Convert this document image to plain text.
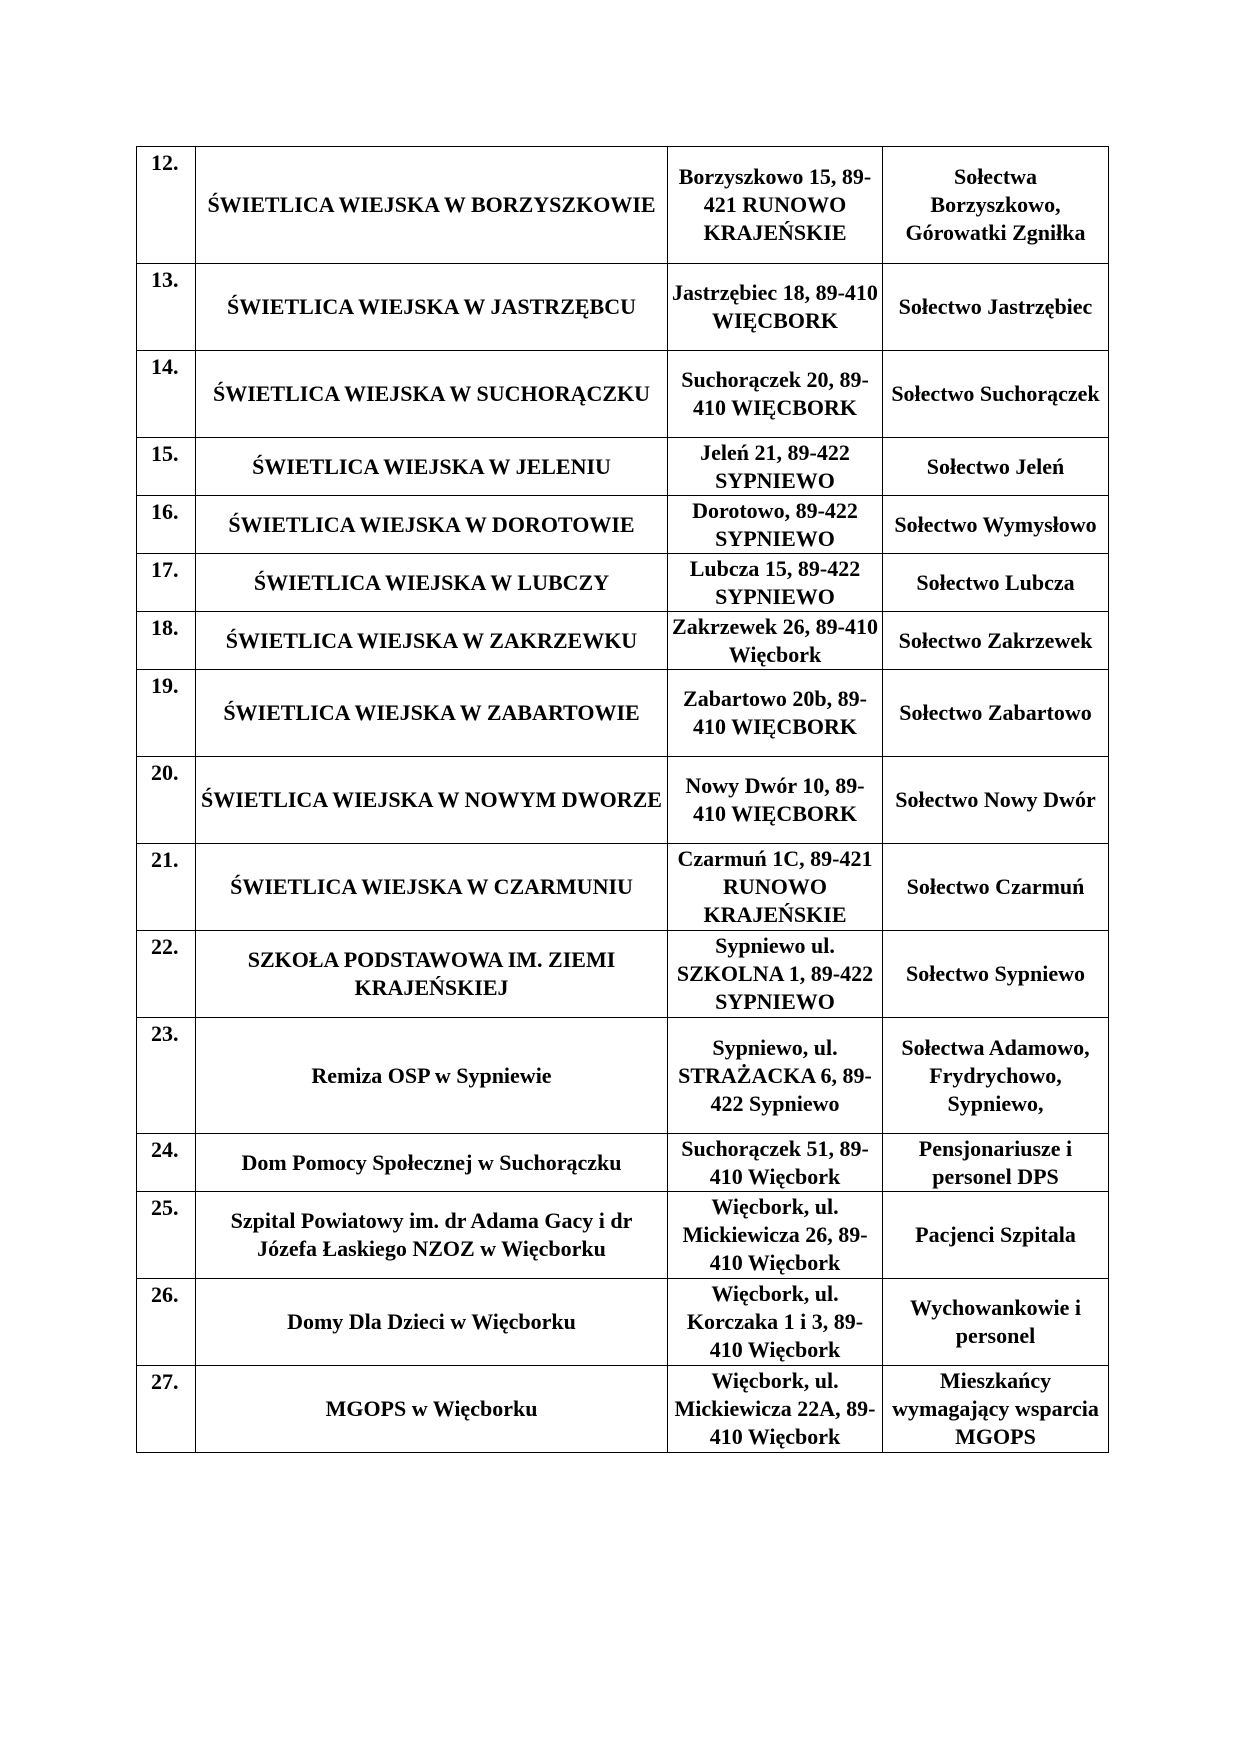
12.	ŚWIETLICA WIEJSKA W BORZYSZKOWIE	Borzyszkowo 15, 89-421 RUNOWO KRAJEŃSKIE	Sołectwa Borzyszkowo, Górowatki Zgniłka
13.	ŚWIETLICA WIEJSKA W JASTRZĘBCU	Jastrzębiec 18, 89-410 WIĘCBORK	Sołectwo Jastrzębiec
14.	ŚWIETLICA WIEJSKA W SUCHORĄCZKU	Suchorączek 20, 89-410 WIĘCBORK	Sołectwo Suchorączek
15.	ŚWIETLICA WIEJSKA W JELENIU	Jeleń 21, 89-422 SYPNIEWO	Sołectwo Jeleń
16.	ŚWIETLICA WIEJSKA W DOROTOWIE	Dorotowo, 89-422 SYPNIEWO	Sołectwo Wymysłowo
17.	ŚWIETLICA WIEJSKA W LUBCZY	Lubcza 15, 89-422 SYPNIEWO	Sołectwo Lubcza
18.	ŚWIETLICA WIEJSKA W ZAKRZEWKU	Zakrzewek 26, 89-410 Więcbork	Sołectwo Zakrzewek
19.	ŚWIETLICA WIEJSKA W ZABARTOWIE	Zabartowo 20b, 89-410 WIĘCBORK	Sołectwo Zabartowo
20.	ŚWIETLICA WIEJSKA W NOWYM DWORZE	Nowy Dwór 10, 89-410 WIĘCBORK	Sołectwo Nowy Dwór
21.	ŚWIETLICA WIEJSKA W CZARMUNIU	Czarmuń 1C, 89-421 RUNOWO KRAJEŃSKIE	Sołectwo Czarmuń
22.	SZKOŁA PODSTAWOWA IM. ZIEMI KRAJEŃSKIEJ	Sypniewo ul. SZKOLNA 1, 89-422 SYPNIEWO	Sołectwo Sypniewo
23.	Remiza OSP w Sypniewie	Sypniewo, ul. STRAŻACKA 6, 89-422 Sypniewo	Sołectwa Adamowo, Frydrychowo, Sypniewo,
24.	Dom Pomocy Społecznej w Suchorączku	Suchorączek 51, 89-410 Więcbork	Pensjonariusze i personel DPS
25.	Szpital Powiatowy im. dr Adama Gacy i dr Józefa Łaskiego NZOZ w Więcborku	Więcbork, ul. Mickiewicza 26, 89-410 Więcbork	Pacjenci Szpitala
26.	Domy Dla Dzieci w Więcborku	Więcbork, ul. Korczaka 1 i 3, 89-410 Więcbork	Wychowankowie i personel
27.	MGOPS w Więcborku	Więcbork, ul. Mickiewicza 22A, 89-410 Więcbork	Mieszkańcy wymagający wsparcia MGOPS
